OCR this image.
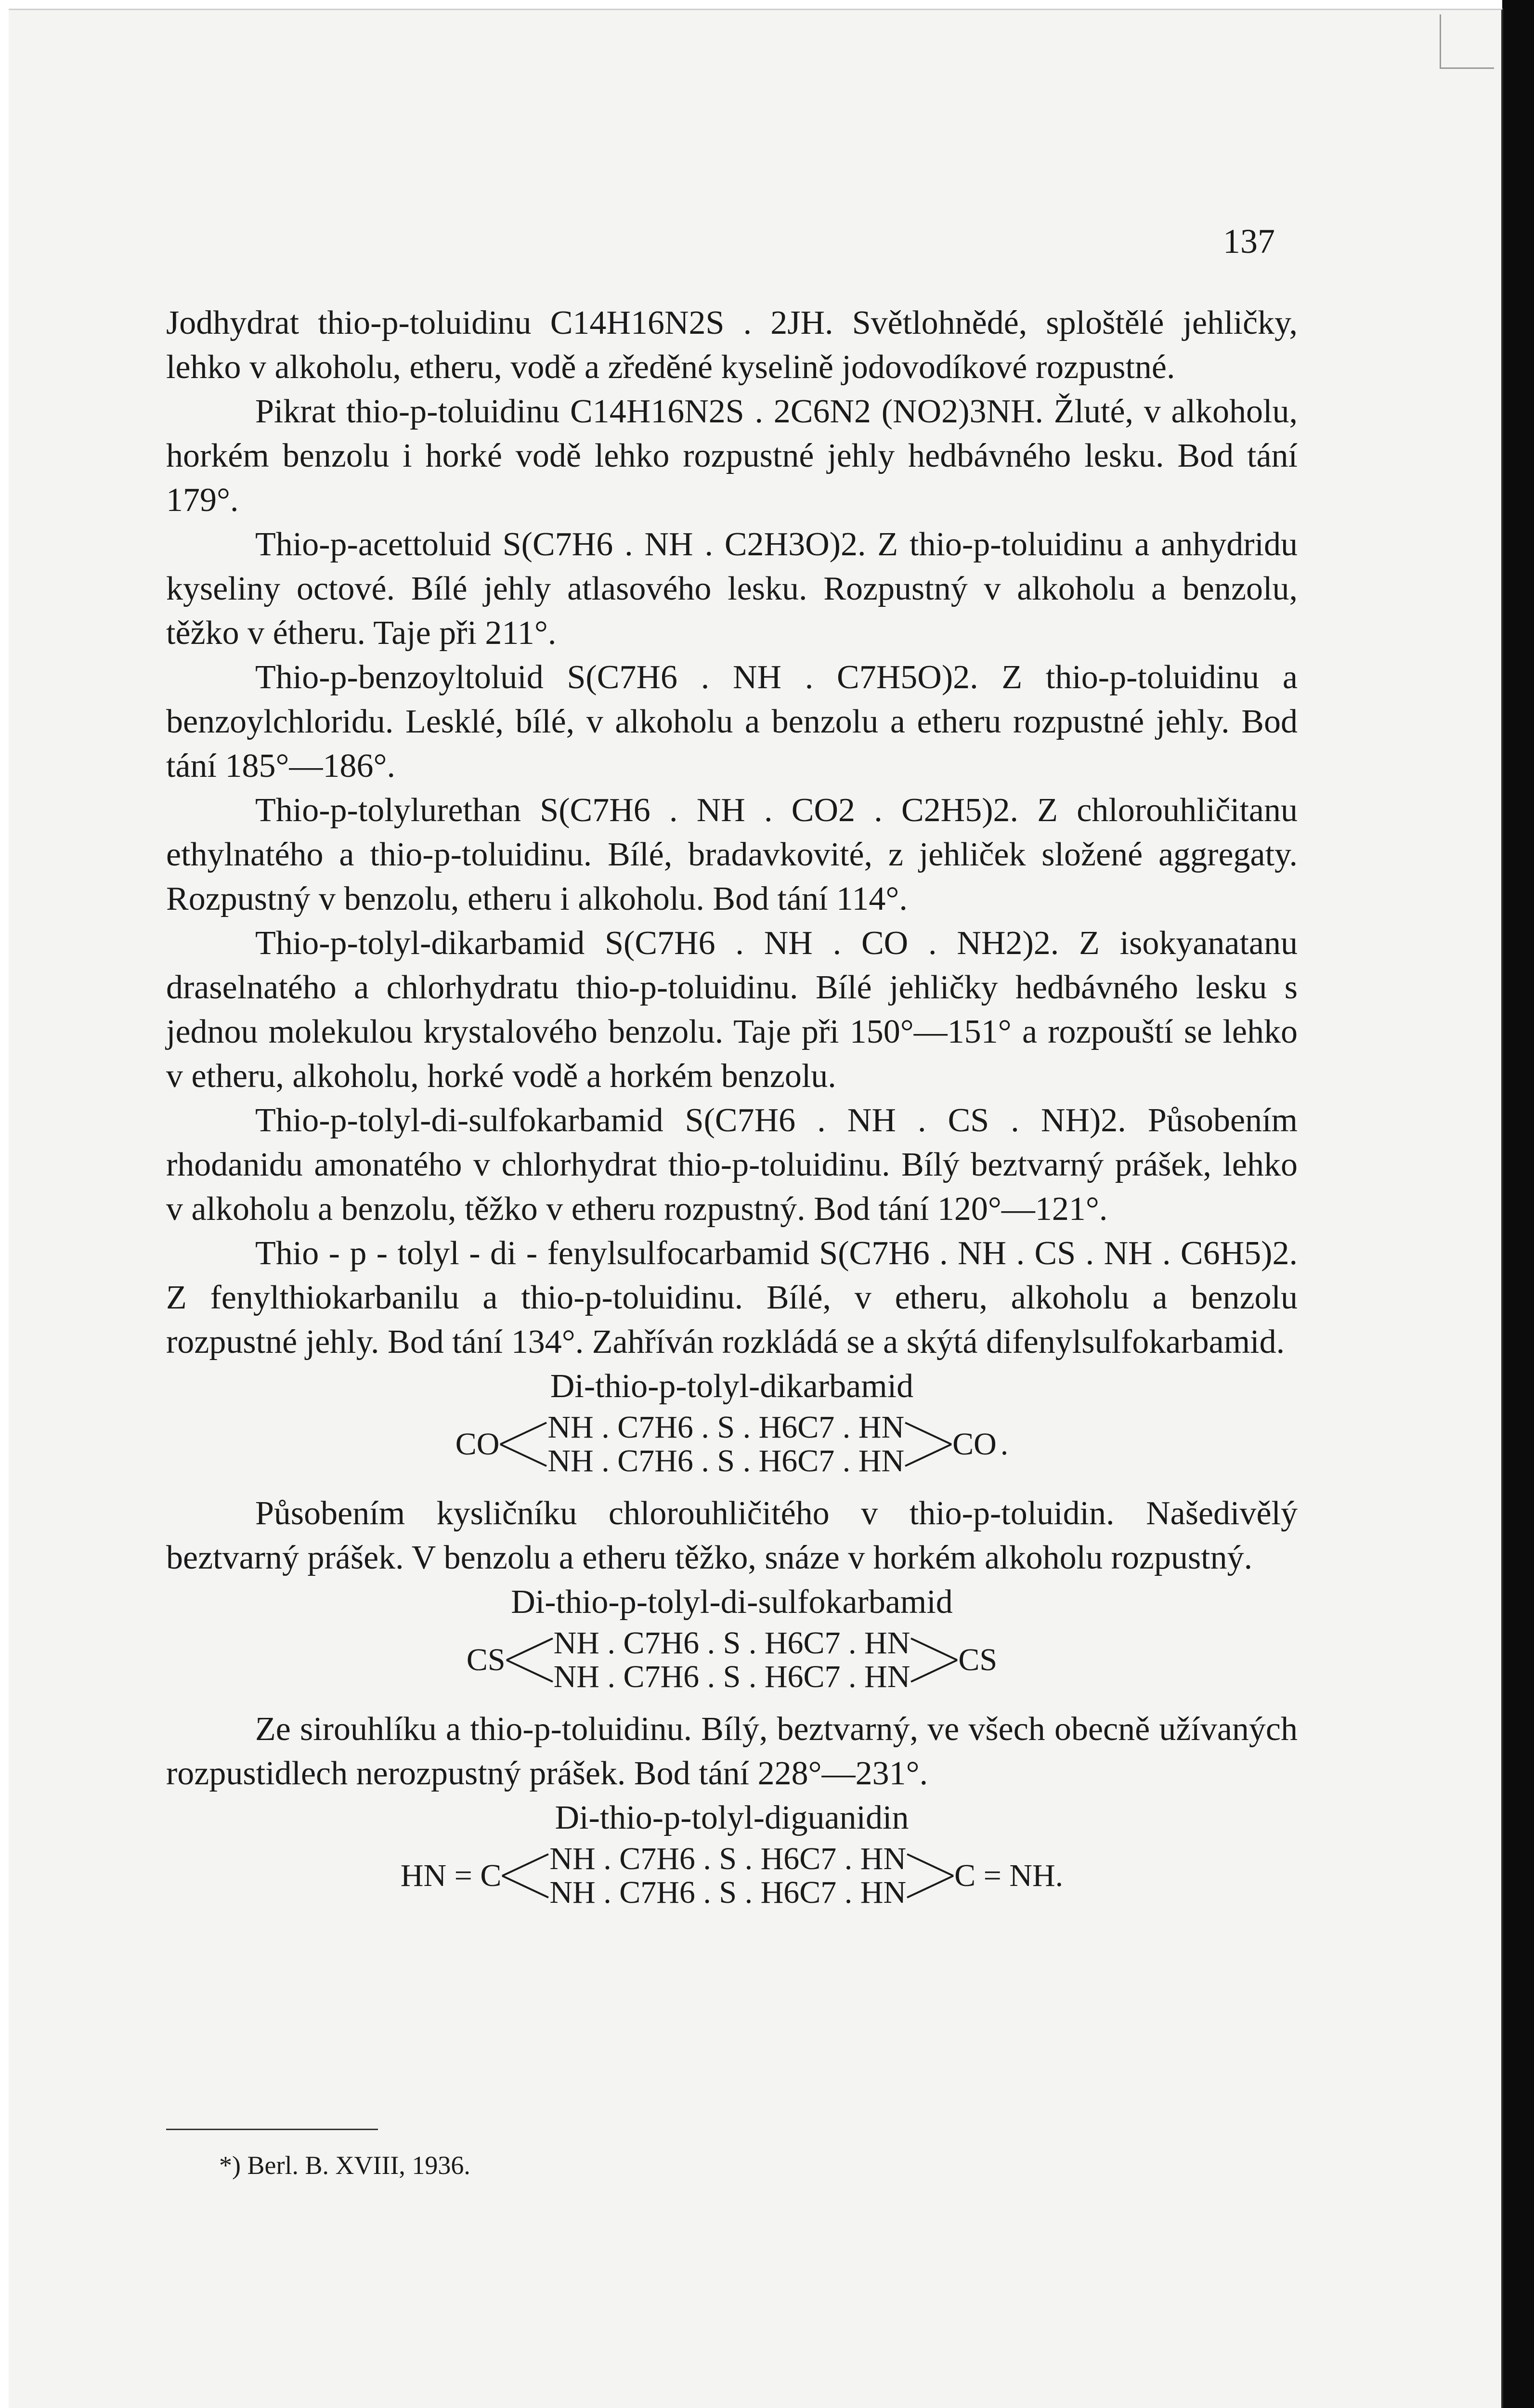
137

Jodhydrat thio-p-toluidinu C14H16N2S . 2JH. Světlohnědé, sploštělé jehličky, lehko v alkoholu, etheru, vodě a zředěné kyselině jodovodíkové rozpustné.

Pikrat thio-p-toluidinu C14H16N2S . 2C6N2 (NO2)3NH. Žluté, v alkoholu, horkém benzolu i horké vodě lehko rozpustné jehly hedbávného lesku. Bod tání 179°.

Thio-p-acettoluid S(C7H6 . NH . C2H3O)2. Z thio-p-toluidinu a anhydridu kyseliny octové. Bílé jehly atlasového lesku. Rozpustný v alkoholu a benzolu, těžko v étheru. Taje při 211°.

Thio-p-benzoyltoluid S(C7H6 . NH . C7H5O)2. Z thio-p-toluidinu a benzoylchloridu. Lesklé, bílé, v alkoholu a benzolu a etheru rozpustné jehly. Bod tání 185°—186°.

Thio-p-tolylurethan S(C7H6 . NH . CO2 . C2H5)2. Z chlorouhličitanu ethylnatého a thio-p-toluidinu. Bílé, bradavkovité, z jehliček složené aggregaty. Rozpustný v benzolu, etheru i alkoholu. Bod tání 114°.

Thio-p-tolyl-dikarbamid S(C7H6 . NH . CO . NH2)2. Z isokyanatanu draselnatého a chlorhydratu thio-p-toluidinu. Bílé jehličky hedbávného lesku s jednou molekulou krystalového benzolu. Taje při 150°—151° a rozpouští se lehko v etheru, alkoholu, horké vodě a horkém benzolu.

Thio-p-tolyl-di-sulfokarbamid S(C7H6 . NH . CS . NH)2. Působením rhodanidu amonatého v chlorhydrat thio-p-toluidinu. Bílý beztvarný prášek, lehko v alkoholu a benzolu, těžko v etheru rozpustný. Bod tání 120°—121°.

Thio - p - tolyl - di - fenylsulfocarbamid S(C7H6 . NH . CS . NH . C6H5)2. Z fenylthiokarbanilu a thio-p-toluidinu. Bílé, v etheru, alkoholu a benzolu rozpustné jehly. Bod tání 134°. Zahříván rozkládá se a skýtá difenylsulfokarbamid.

Di-thio-p-tolyl-dikarbamid
CO NH . C7H6 . S . H6C7 . HN
NH . C7H6 . S . H6C7 . HN CO .

Působením kysličníku chlorouhličitého v thio-p-toluidin. Našedivělý beztvarný prášek. V benzolu a etheru těžko, snáze v horkém alkoholu rozpustný.

Di-thio-p-tolyl-di-sulfokarbamid
CS NH . C7H6 . S . H6C7 . HN
NH . C7H6 . S . H6C7 . HN CS

Ze sirouhlíku a thio-p-toluidinu. Bílý, beztvarný, ve všech obecně užívaných rozpustidlech nerozpustný prášek. Bod tání 228°—231°.

Di-thio-p-tolyl-diguanidin
HN = C NH . C7H6 . S . H6C7 . HN
NH . C7H6 . S . H6C7 . HN C = NH.
*) Berl. B. XVIII, 1936.
